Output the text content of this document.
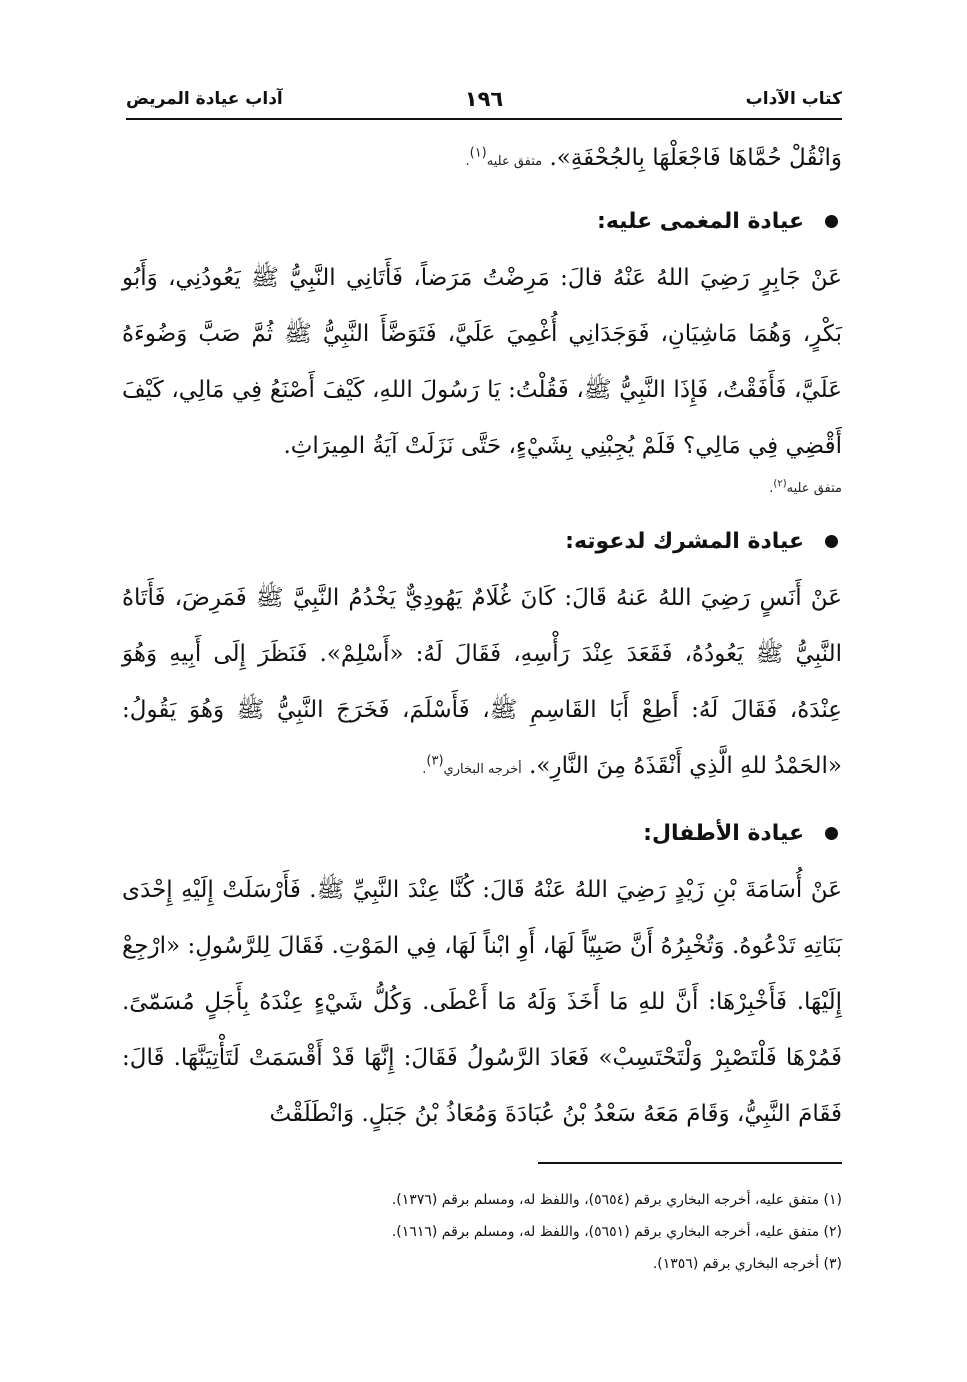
كتاب الآداب
١٩٦
آداب عيادة المريض

وَانْقُلْ حُمَّاهَا فَاجْعَلْهَا بِالجُحْفَةِ». متفق عليه$^{(١)}$.

عيادة المغمى عليه:

عَنْ جَابِرٍ رَضِيَ اللهُ عَنْهُ قالَ: مَرِضْتُ مَرَضاً، فَأَتَانِي النَّبِيُّ ﷺ يَعُودُنِي، وَأَبُو بَكْرٍ، وَهُمَا مَاشِيَانِ، فَوَجَدَانِي أُغْمِيَ عَلَيَّ، فَتَوَضَّأَ النَّبِيُّ ﷺ ثُمَّ صَبَّ وَضُوءَهُ عَلَيَّ، فَأَفَقْتُ، فَإِذَا النَّبِيُّ ﷺ، فَقُلْتُ: يَا رَسُولَ اللهِ، كَيْفَ أَصْنَعُ فِي مَالِي، كَيْفَ أَقْضِي فِي مَالِي؟ فَلَمْ يُجِبْنِي بِشَيْءٍ، حَتَّى نَزَلَتْ آيَةُ المِيرَاثِ.

متفق عليه$^{(٢)}$.

عيادة المشرك لدعوته:

عَنْ أَنَسٍ رَضِيَ اللهُ عَنهُ قَالَ: كَانَ غُلَامٌ يَهُودِيٌّ يَخْدُمُ النَّبِيَّ ﷺ فَمَرِضَ، فَأَتَاهُ النَّبِيُّ ﷺ يَعُودُهُ، فَقَعَدَ عِنْدَ رَأْسِهِ، فَقَالَ لَهُ: «أَسْلِمْ». فَنَظَرَ إِلَى أَبِيهِ وَهُوَ عِنْدَهُ، فَقَالَ لَهُ: أَطِعْ أَبَا القَاسِمِ ﷺ، فَأَسْلَمَ، فَخَرَجَ النَّبِيُّ ﷺ وَهُوَ يَقُولُ: «الحَمْدُ للهِ الَّذِي أَنْقَذَهُ مِنَ النَّارِ». أخرجه البخاري$^{(٣)}$.

عيادة الأطفال:

عَنْ أُسَامَةَ بْنِ زَيْدٍ رَضِيَ اللهُ عَنْهُ قَالَ: كُنَّا عِنْدَ النَّبِيِّ ﷺ. فَأَرْسَلَتْ إِلَيْهِ إِحْدَى بَنَاتِهِ تَدْعُوهُ. وَتُخْبِرُهُ أَنَّ صَبِيّاً لَهَا، أَوِ ابْناً لَهَا، فِي المَوْتِ. فَقَالَ لِلرَّسُولِ: «ارْجِعْ إِلَيْهَا. فَأَخْبِرْهَا: أَنَّ للهِ مَا أَخَذَ وَلَهُ مَا أَعْطَى. وَكُلُّ شَيْءٍ عِنْدَهُ بِأَجَلٍ مُسَمّىً. فَمُرْهَا فَلْتَصْبِرْ وَلْتَحْتَسِبْ» فَعَادَ الرَّسُولُ فَقَالَ: إِنَّهَا قَدْ أَقْسَمَتْ لَتَأْتِيَنَّهَا. قَالَ: فَقَامَ النَّبِيُّ، وَقَامَ مَعَهُ سَعْدُ بْنُ عُبَادَةَ وَمُعَاذُ بْنُ جَبَلٍ. وَانْطَلَقْتُ

(١) متفق عليه، أخرجه البخاري برقم (٥٦٥٤)، واللفظ له، ومسلم برقم (١٣٧٦).

(٢) متفق عليه، أخرجه البخاري برقم (٥٦٥١)، واللفظ له، ومسلم برقم (١٦١٦).

(٣) أخرجه البخاري برقم (١٣٥٦).
